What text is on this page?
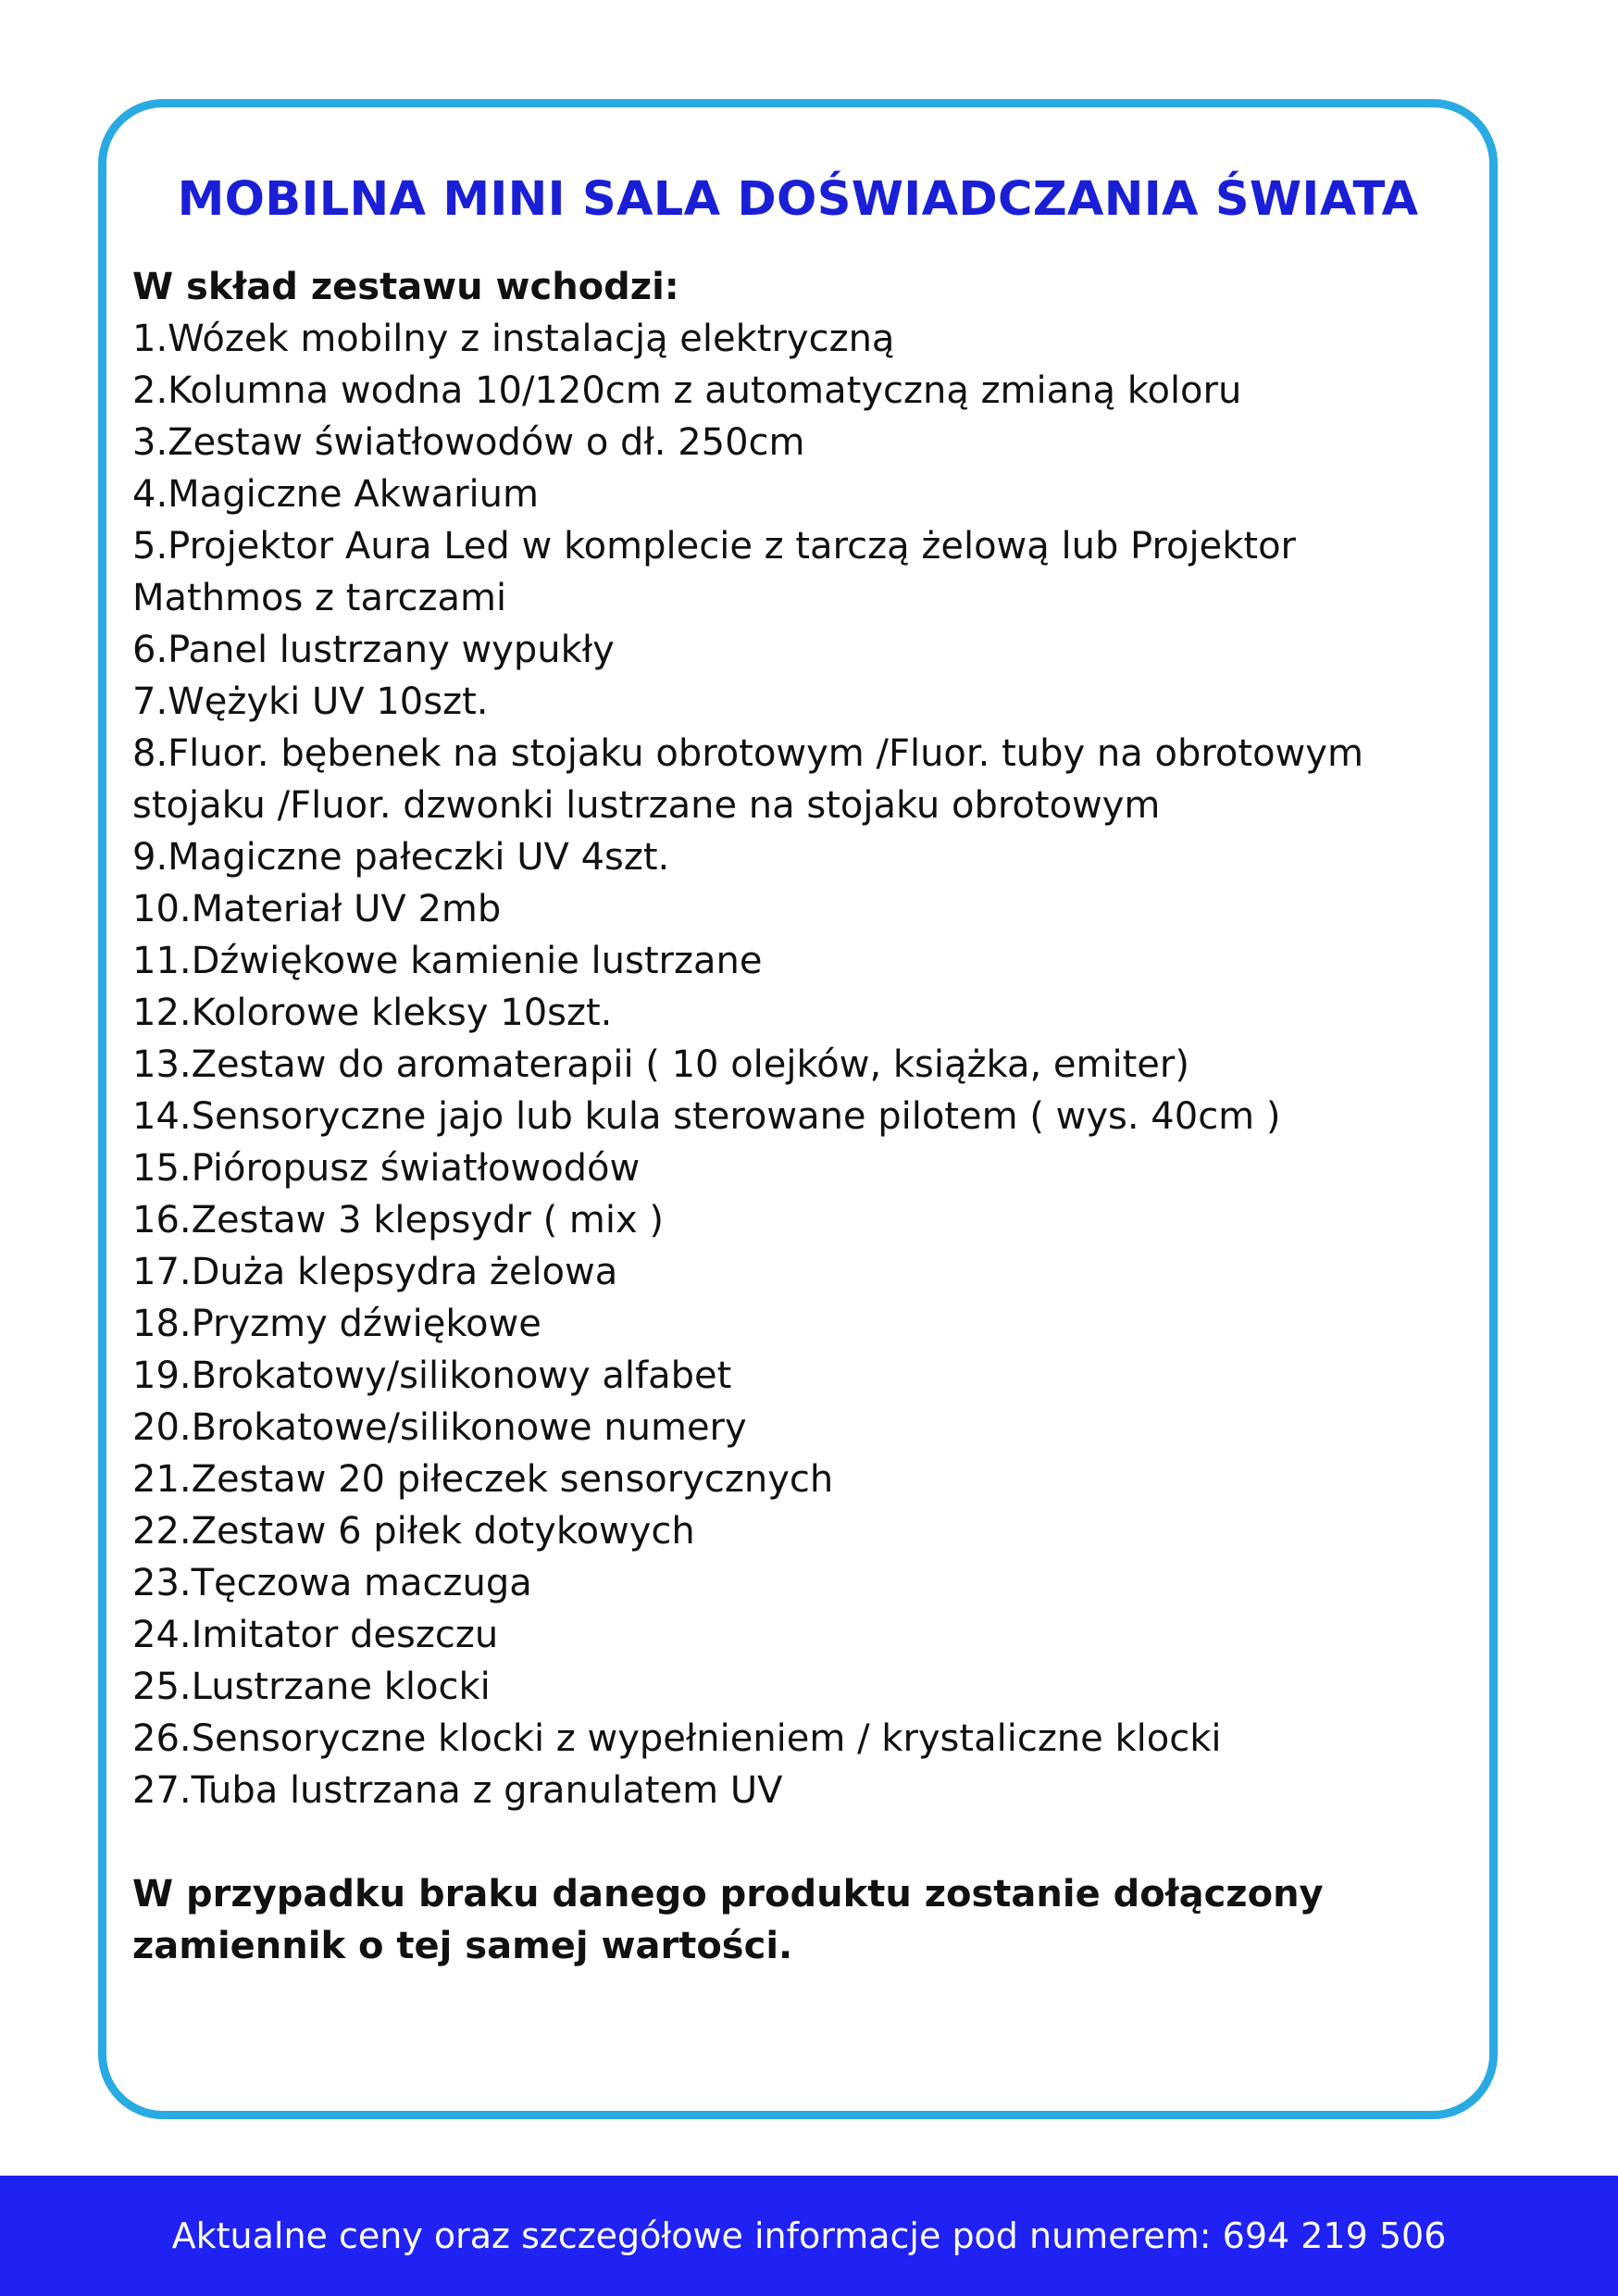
MOBILNA MINI SALA DOŚWIADCZANIA ŚWIATA

W skład zestawu wchodzi:

1.Wózek mobilny z instalacją elektryczną
2.Kolumna wodna 10/120cm z automatyczną zmianą koloru
3.Zestaw światłowodów o dł. 250cm
4.Magiczne Akwarium
5.Projektor Aura Led w komplecie z tarczą żelową lub Projektor Mathmos z tarczami
6.Panel lustrzany wypukły
7.Wężyki UV 10szt.
8.Fluor. bębenek na stojaku obrotowym /Fluor. tuby na obrotowym stojaku /Fluor. dzwonki lustrzane na stojaku obrotowym
9.Magiczne pałeczki UV 4szt.
10.Materiał UV 2mb
11.Dźwiękowe kamienie lustrzane
12.Kolorowe kleksy 10szt.
13.Zestaw do aromaterapii ( 10 olejków, książka, emiter)
14.Sensoryczne jajo lub kula sterowane pilotem ( wys. 40cm )
15.Pióropusz światłowodów
16.Zestaw 3 klepsydr ( mix )
17.Duża klepsydra żelowa
18.Pryzmy dźwiękowe
19.Brokatowy/silikonowy alfabet
20.Brokatowe/silikonowe numery
21.Zestaw 20 piłeczek sensorycznych
22.Zestaw 6 piłek dotykowych
23.Tęczowa maczuga
24.Imitator deszczu
25.Lustrzane klocki
26.Sensoryczne klocki z wypełnieniem / krystaliczne klocki
27.Tuba lustrzana z granulatem UV

W przypadku braku danego produktu zostanie dołączony zamiennik o tej samej wartości.

Aktualne ceny oraz szczegółowe informacje pod numerem: 694 219 506
